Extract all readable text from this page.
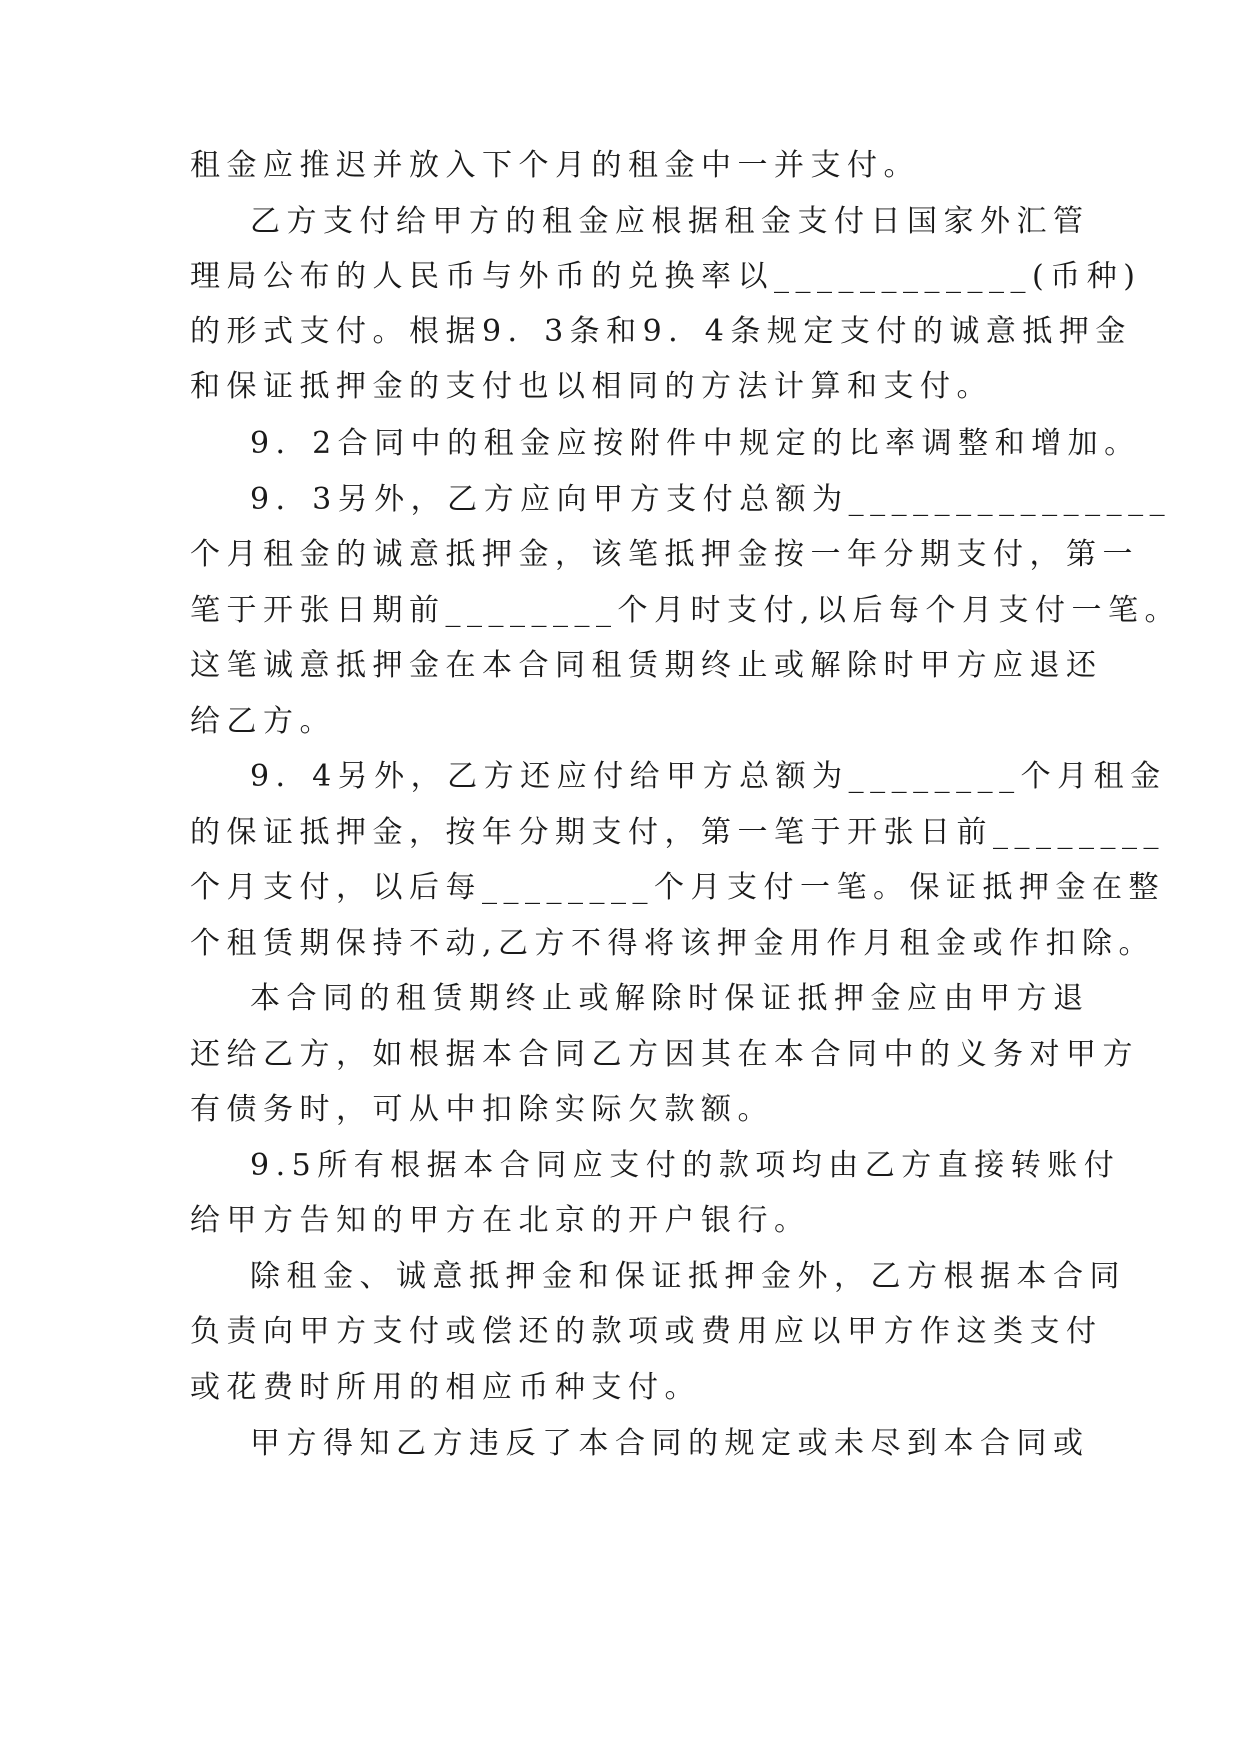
租金应推迟并放入下个月的租金中一并支付。
乙方支付给甲方的租金应根据租金支付日国家外汇管
理局公布的人民币与外币的兑换率以____________(币种)
的形式支付。根据9．3条和9．4条规定支付的诚意抵押金
和保证抵押金的支付也以相同的方法计算和支付。
9．2合同中的租金应按附件中规定的比率调整和增加。
9．3另外，乙方应向甲方支付总额为_______________
个月租金的诚意抵押金，该笔抵押金按一年分期支付，第一
笔于开张日期前________个月时支付,以后每个月支付一笔。
这笔诚意抵押金在本合同租赁期终止或解除时甲方应退还
给乙方。
9．4另外，乙方还应付给甲方总额为________个月租金
的保证抵押金，按年分期支付，第一笔于开张日前________
个月支付，以后每________个月支付一笔。保证抵押金在整
个租赁期保持不动,乙方不得将该押金用作月租金或作扣除。
本合同的租赁期终止或解除时保证抵押金应由甲方退
还给乙方，如根据本合同乙方因其在本合同中的义务对甲方
有债务时，可从中扣除实际欠款额。
9.5所有根据本合同应支付的款项均由乙方直接转账付
给甲方告知的甲方在北京的开户银行。
除租金、诚意抵押金和保证抵押金外，乙方根据本合同
负责向甲方支付或偿还的款项或费用应以甲方作这类支付
或花费时所用的相应币种支付。
甲方得知乙方违反了本合同的规定或未尽到本合同或
